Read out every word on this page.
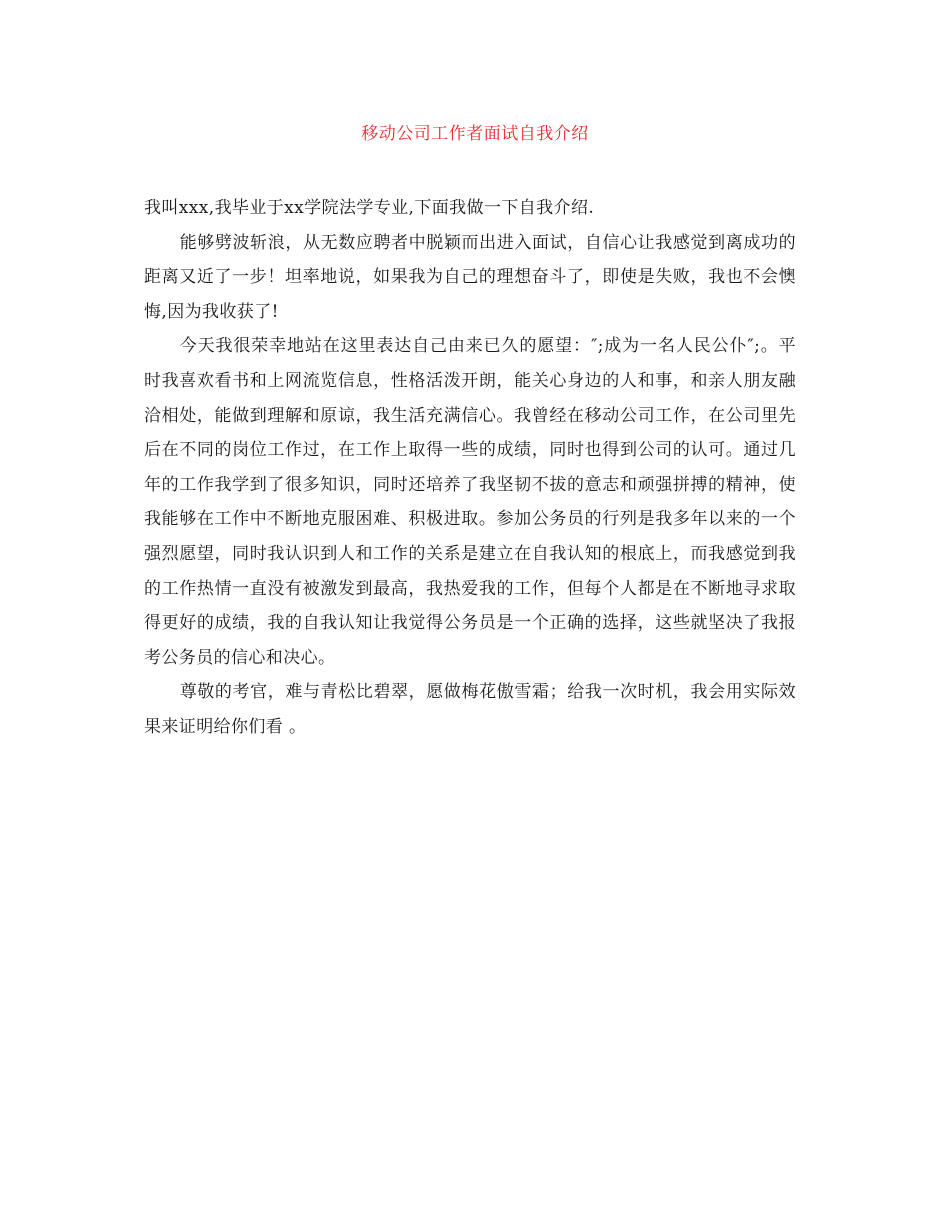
移动公司工作者面试自我介绍

我叫xxx,我毕业于xx学院法学专业,下面我做一下自我介绍.

能够劈波斩浪，从无数应聘者中脱颖而出进入面试，自信心让我感觉到离成功的距离又近了一步！坦率地说，如果我为自己的理想奋斗了，即使是失败，我也不会懊悔,因为我收获了!

今天我很荣幸地站在这里表达自己由来已久的愿望：″;成为一名人民公仆″;。平时我喜欢看书和上网流览信息，性格活泼开朗，能关心身边的人和事，和亲人朋友融洽相处，能做到理解和原谅，我生活充满信心。我曾经在移动公司工作，在公司里先后在不同的岗位工作过，在工作上取得一些的成绩，同时也得到公司的认可。通过几年的工作我学到了很多知识，同时还培养了我坚韧不拔的意志和顽强拼搏的精神，使我能够在工作中不断地克服困难、积极进取。参加公务员的行列是我多年以来的一个强烈愿望，同时我认识到人和工作的关系是建立在自我认知的根底上，而我感觉到我的工作热情一直没有被激发到最高，我热爱我的工作，但每个人都是在不断地寻求取得更好的成绩，我的自我认知让我觉得公务员是一个正确的选择，这些就坚决了我报考公务员的信心和决心。

尊敬的考官，难与青松比碧翠，愿做梅花傲雪霜；给我一次时机，我会用实际效果来证明给你们看 。
